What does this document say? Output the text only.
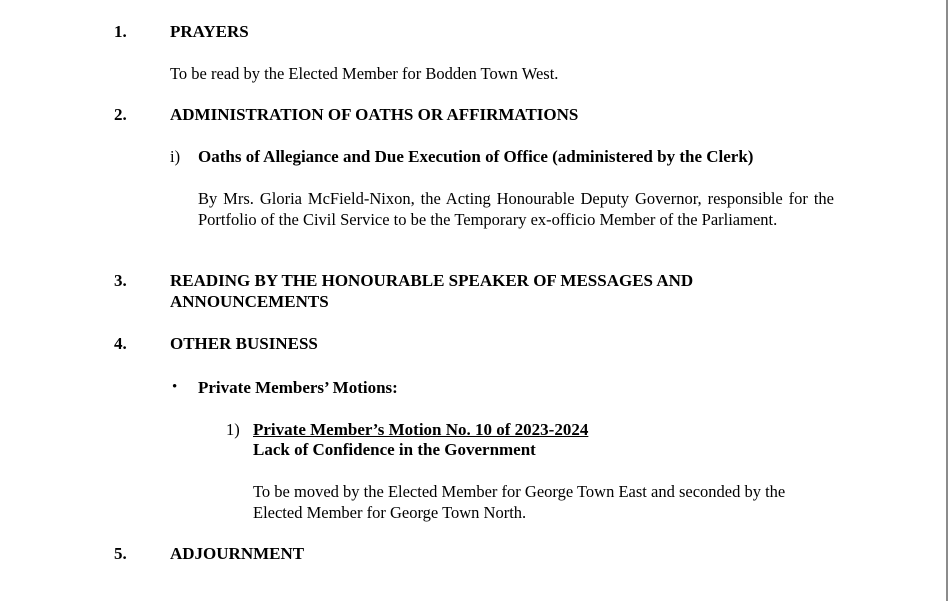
1.	PRAYERS
To be read by the Elected Member for Bodden Town West.
2.	ADMINISTRATION OF OATHS OR AFFIRMATIONS
i) Oaths of Allegiance and Due Execution of Office (administered by the Clerk)
By Mrs. Gloria McField-Nixon, the Acting Honourable Deputy Governor, responsible for the Portfolio of the Civil Service to be the Temporary ex-officio Member of the Parliament.
3.	READING BY THE HONOURABLE SPEAKER OF MESSAGES AND
ANNOUNCEMENTS
4.	OTHER BUSINESS
• Private Members’ Motions:
1) Private Member’s Motion No. 10 of 2023-2024
Lack of Confidence in the Government
To be moved by the Elected Member for George Town East and seconded by the
Elected Member for George Town North.
5.	ADJOURNMENT
